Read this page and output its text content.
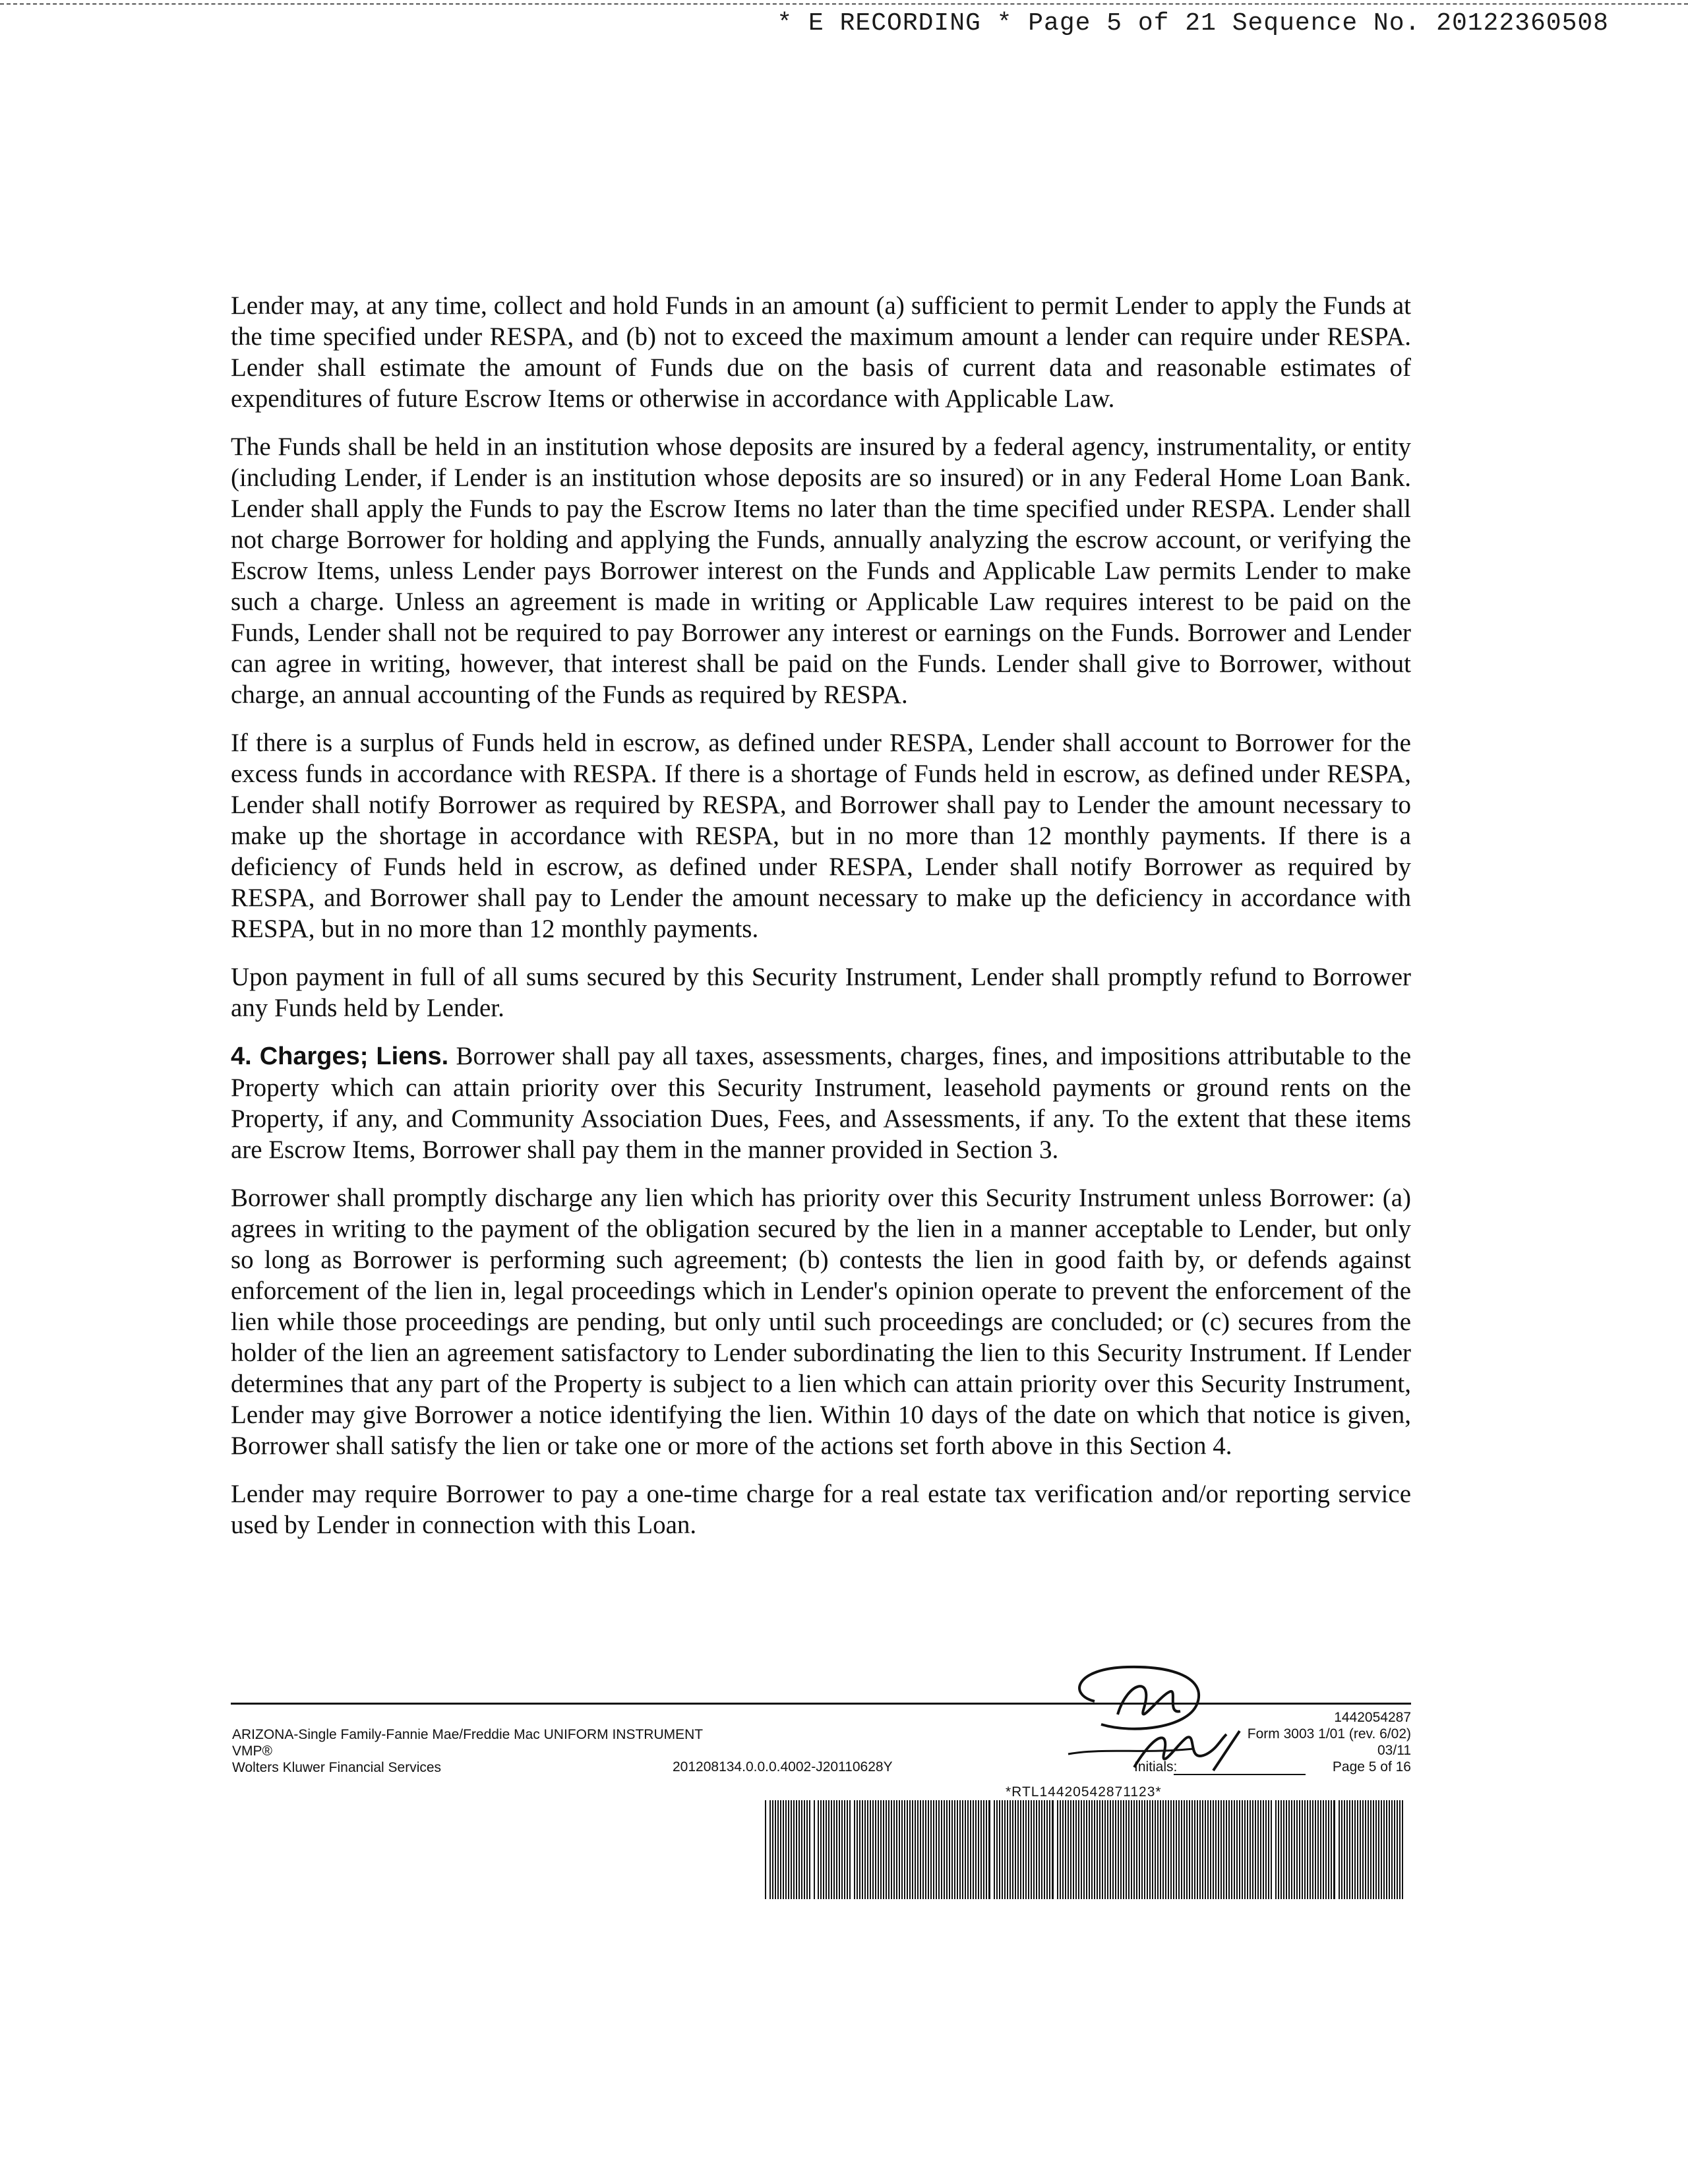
* E RECORDING * Page 5 of 21 Sequence No. 20122360508

Lender may, at any time, collect and hold Funds in an amount (a) sufficient to permit Lender to apply the Funds at the time specified under RESPA, and (b) not to exceed the maximum amount a lender can require under RESPA. Lender shall estimate the amount of Funds due on the basis of current data and reasonable estimates of expenditures of future Escrow Items or otherwise in accordance with Applicable Law.

The Funds shall be held in an institution whose deposits are insured by a federal agency, instrumentality, or entity (including Lender, if Lender is an institution whose deposits are so insured) or in any Federal Home Loan Bank. Lender shall apply the Funds to pay the Escrow Items no later than the time specified under RESPA. Lender shall not charge Borrower for holding and applying the Funds, annually analyzing the escrow account, or verifying the Escrow Items, unless Lender pays Borrower interest on the Funds and Applicable Law permits Lender to make such a charge. Unless an agreement is made in writing or Applicable Law requires interest to be paid on the Funds, Lender shall not be required to pay Borrower any interest or earnings on the Funds. Borrower and Lender can agree in writing, however, that interest shall be paid on the Funds. Lender shall give to Borrower, without charge, an annual accounting of the Funds as required by RESPA.

If there is a surplus of Funds held in escrow, as defined under RESPA, Lender shall account to Borrower for the excess funds in accordance with RESPA. If there is a shortage of Funds held in escrow, as defined under RESPA, Lender shall notify Borrower as required by RESPA, and Borrower shall pay to Lender the amount necessary to make up the shortage in accordance with RESPA, but in no more than 12 monthly payments. If there is a deficiency of Funds held in escrow, as defined under RESPA, Lender shall notify Borrower as required by RESPA, and Borrower shall pay to Lender the amount necessary to make up the deficiency in accordance with RESPA, but in no more than 12 monthly payments.

Upon payment in full of all sums secured by this Security Instrument, Lender shall promptly refund to Borrower any Funds held by Lender.

4. Charges; Liens. Borrower shall pay all taxes, assessments, charges, fines, and impositions attributable to the Property which can attain priority over this Security Instrument, leasehold payments or ground rents on the Property, if any, and Community Association Dues, Fees, and Assessments, if any. To the extent that these items are Escrow Items, Borrower shall pay them in the manner provided in Section 3.

Borrower shall promptly discharge any lien which has priority over this Security Instrument unless Borrower: (a) agrees in writing to the payment of the obligation secured by the lien in a manner acceptable to Lender, but only so long as Borrower is performing such agreement; (b) contests the lien in good faith by, or defends against enforcement of the lien in, legal proceedings which in Lender's opinion operate to prevent the enforcement of the lien while those proceedings are pending, but only until such proceedings are concluded; or (c) secures from the holder of the lien an agreement satisfactory to Lender subordinating the lien to this Security Instrument. If Lender determines that any part of the Property is subject to a lien which can attain priority over this Security Instrument, Lender may give Borrower a notice identifying the lien. Within 10 days of the date on which that notice is given, Borrower shall satisfy the lien or take one or more of the actions set forth above in this Section 4.

Lender may require Borrower to pay a one-time charge for a real estate tax verification and/or reporting service used by Lender in connection with this Loan.

ARIZONA-Single Family-Fannie Mae/Freddie Mac UNIFORM INSTRUMENT
VMP®
Wolters Kluwer Financial Services	201208134.0.0.0.4002-J20110628Y
1442054287
Form 3003 1/01 (rev. 6/02)
03/11
Page 5 of 16
Initials:
*RTL14420542871123*
